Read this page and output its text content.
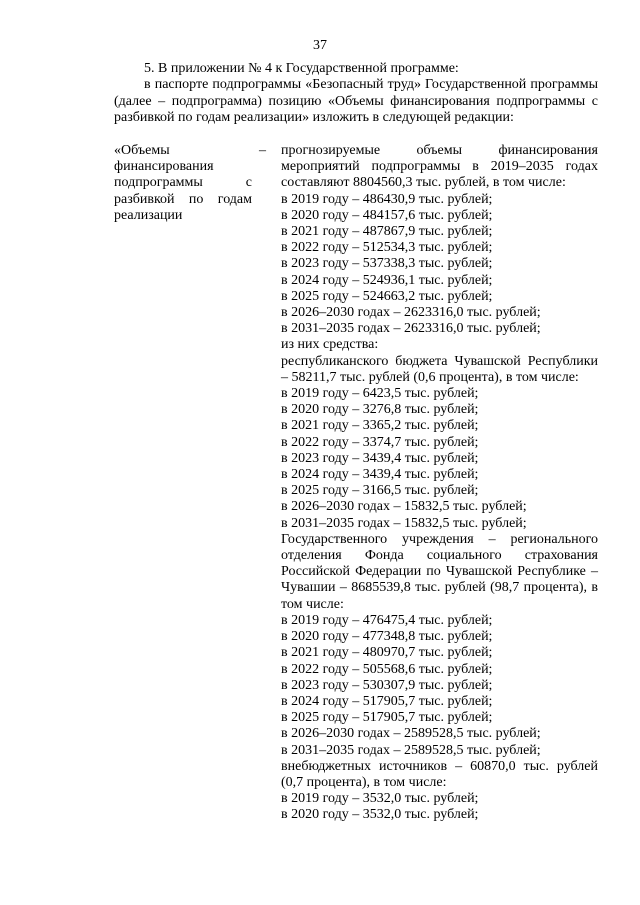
37

5. В приложении № 4 к Государственной программе:

в паспорте подпрограммы «Безопасный труд» Государственной программы (далее – подпрограмма) позицию «Объемы финансирования подпрограммы с разбивкой по годам реализации» изложить в следующей редакции:

«Объемы финансирования подпрограммы с разбивкой по годам реализации
– прогнозируемые объемы финансирования мероприятий подпрограммы в 2019–2035 годах составляют 8804560,3 тыс. рублей, в том числе:
в 2019 году – 486430,9 тыс. рублей;
в 2020 году – 484157,6 тыс. рублей;
в 2021 году – 487867,9 тыс. рублей;
в 2022 году – 512534,3 тыс. рублей;
в 2023 году – 537338,3 тыс. рублей;
в 2024 году – 524936,1 тыс. рублей;
в 2025 году – 524663,2 тыс. рублей;
в 2026–2030 годах – 2623316,0 тыс. рублей;
в 2031–2035 годах – 2623316,0 тыс. рублей;
из них средства:
республиканского бюджета Чувашской Республики – 58211,7 тыс. рублей (0,6 процента), в том числе:
в 2019 году – 6423,5 тыс. рублей;
в 2020 году – 3276,8 тыс. рублей;
в 2021 году – 3365,2 тыс. рублей;
в 2022 году – 3374,7 тыс. рублей;
в 2023 году – 3439,4 тыс. рублей;
в 2024 году – 3439,4 тыс. рублей;
в 2025 году – 3166,5 тыс. рублей;
в 2026–2030 годах – 15832,5 тыс. рублей;
в 2031–2035 годах – 15832,5 тыс. рублей;
Государственного учреждения – регионального отделения Фонда социального страхования Российской Федерации по Чувашской Республике – Чувашии – 8685539,8 тыс. рублей (98,7 процента), в том числе:
в 2019 году – 476475,4 тыс. рублей;
в 2020 году – 477348,8 тыс. рублей;
в 2021 году – 480970,7 тыс. рублей;
в 2022 году – 505568,6 тыс. рублей;
в 2023 году – 530307,9 тыс. рублей;
в 2024 году – 517905,7 тыс. рублей;
в 2025 году – 517905,7 тыс. рублей;
в 2026–2030 годах – 2589528,5 тыс. рублей;
в 2031–2035 годах – 2589528,5 тыс. рублей;
внебюджетных источников – 60870,0 тыс. рублей (0,7 процента), в том числе:
в 2019 году – 3532,0 тыс. рублей;
в 2020 году – 3532,0 тыс. рублей;
